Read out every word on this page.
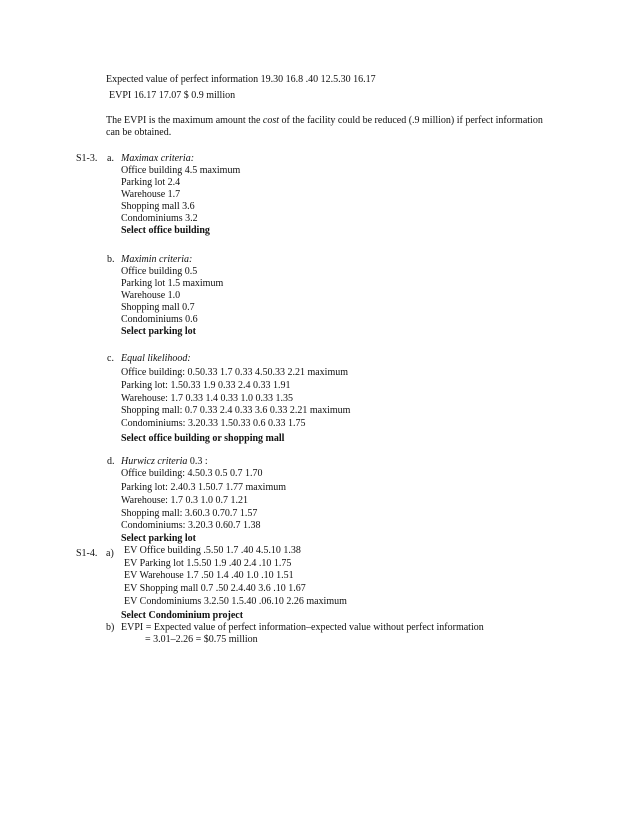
Expected value of perfect information 19.30 16.8 .40 12.5.30 16.17
EVPI 16.17 17.07 $ 0.9 million
The EVPI is the maximum amount the cost of the facility could be reduced (.9 million) if perfect information
can be obtained.
S1-3. a. Maximax criteria:
Office building 4.5 maximum
Parking lot 2.4
Warehouse 1.7
Shopping mall 3.6
Condominiums 3.2
Select office building
b. Maximin criteria:
Office building 0.5
Parking lot 1.5 maximum
Warehouse 1.0
Shopping mall 0.7
Condominiums 0.6
Select parking lot
c. Equal likelihood:
Office building: 0.50.33 1.7 0.33 4.50.33 2.21 maximum
Parking lot: 1.50.33 1.9 0.33 2.4 0.33 1.91
Warehouse: 1.7 0.33 1.4 0.33 1.0 0.33 1.35
Shopping mall: 0.7 0.33 2.4 0.33 3.6 0.33 2.21 maximum
Condominiums: 3.20.33 1.50.33 0.6 0.33 1.75
Select office building or shopping mall
d. Hurwicz criteria 0.3 :
Office building: 4.50.3 0.5 0.7 1.70
Parking lot: 2.40.3 1.50.7 1.77 maximum
Warehouse: 1.7 0.3 1.0 0.7 1.21
Shopping mall: 3.60.3 0.70.7 1.57
Condominiums: 3.20.3 0.60.7 1.38
Select parking lot
S1-4. a) EV Office building .5.50 1.7 .40 4.5.10 1.38
EV Parking lot 1.5.50 1.9 .40 2.4 .10 1.75
EV Warehouse 1.7 .50 1.4 .40 1.0 .10 1.51
EV Shopping mall 0.7 .50 2.4.40 3.6 .10 1.67
EV Condominiums 3.2.50 1.5.40 .06.10 2.26 maximum
Select Condominium project
b) EVPI = Expected value of perfect information–expected value without perfect information
= 3.01–2.26 = $0.75 million
